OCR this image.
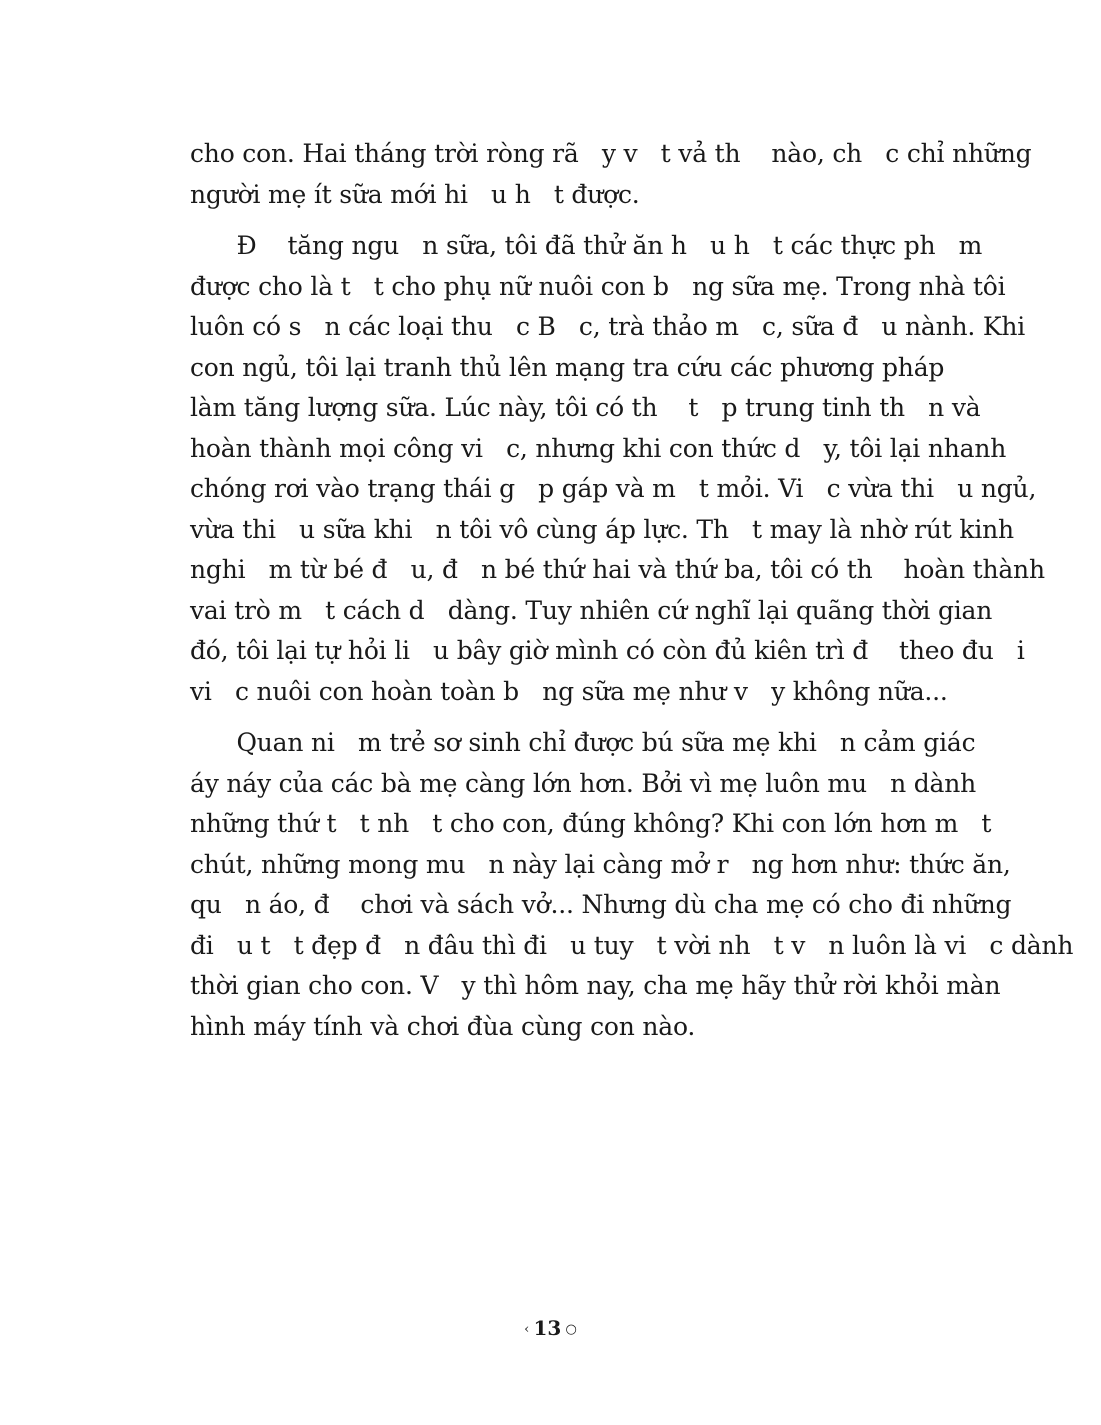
cho con. Hai tháng trời ròng rã   y v   t vả th    nào, ch   c chỉ những
người mẹ ít sữa mới hi   u h   t được.
Đ    tăng ngu   n sữa, tôi đã thử ăn h   u h   t các thực ph   m
được cho là t   t cho phụ nữ nuôi con b   ng sữa mẹ. Trong nhà tôi
luôn có s   n các loại thu   c B   c, trà thảo m   c, sữa đ   u nành. Khi
con ngủ, tôi lại tranh thủ lên mạng tra cứu các phương pháp
làm tăng lượng sữa. Lúc này, tôi có th    t   p trung tinh th   n và
hoàn thành mọi công vi   c, nhưng khi con thức d   y, tôi lại nhanh
chóng rơi vào trạng thái g   p gáp và m   t mỏi. Vi   c vừa thi   u ngủ,
vừa thi   u sữa khi   n tôi vô cùng áp lực. Th   t may là nhờ rút kinh
nghi   m từ bé đ   u, đ   n bé thứ hai và thứ ba, tôi có th    hoàn thành
vai trò m   t cách d   dàng. Tuy nhiên cứ nghĩ lại quãng thời gian
đó, tôi lại tự hỏi li   u bây giờ mình có còn đủ kiên trì đ    theo đu   i
vi   c nuôi con hoàn toàn b   ng sữa mẹ như v   y không nữa...
Quan ni   m trẻ sơ sinh chỉ được bú sữa mẹ khi   n cảm giác
áy náy của các bà mẹ càng lớn hơn. Bởi vì mẹ luôn mu   n dành
những thứ t   t nh   t cho con, đúng không? Khi con lớn hơn m   t
chút, những mong mu   n này lại càng mở r   ng hơn như: thức ăn,
qu   n áo, đ    chơi và sách vở... Nhưng dù cha mẹ có cho đi những
đi   u t   t đẹp đ   n đâu thì đi   u tuy   t vời nh   t v   n luôn là vi   c dành
thời gian cho con. V   y thì hôm nay, cha mẹ hãy thử rời khỏi màn
hình máy tính và chơi đùa cùng con nào.
‹ 13 ○
